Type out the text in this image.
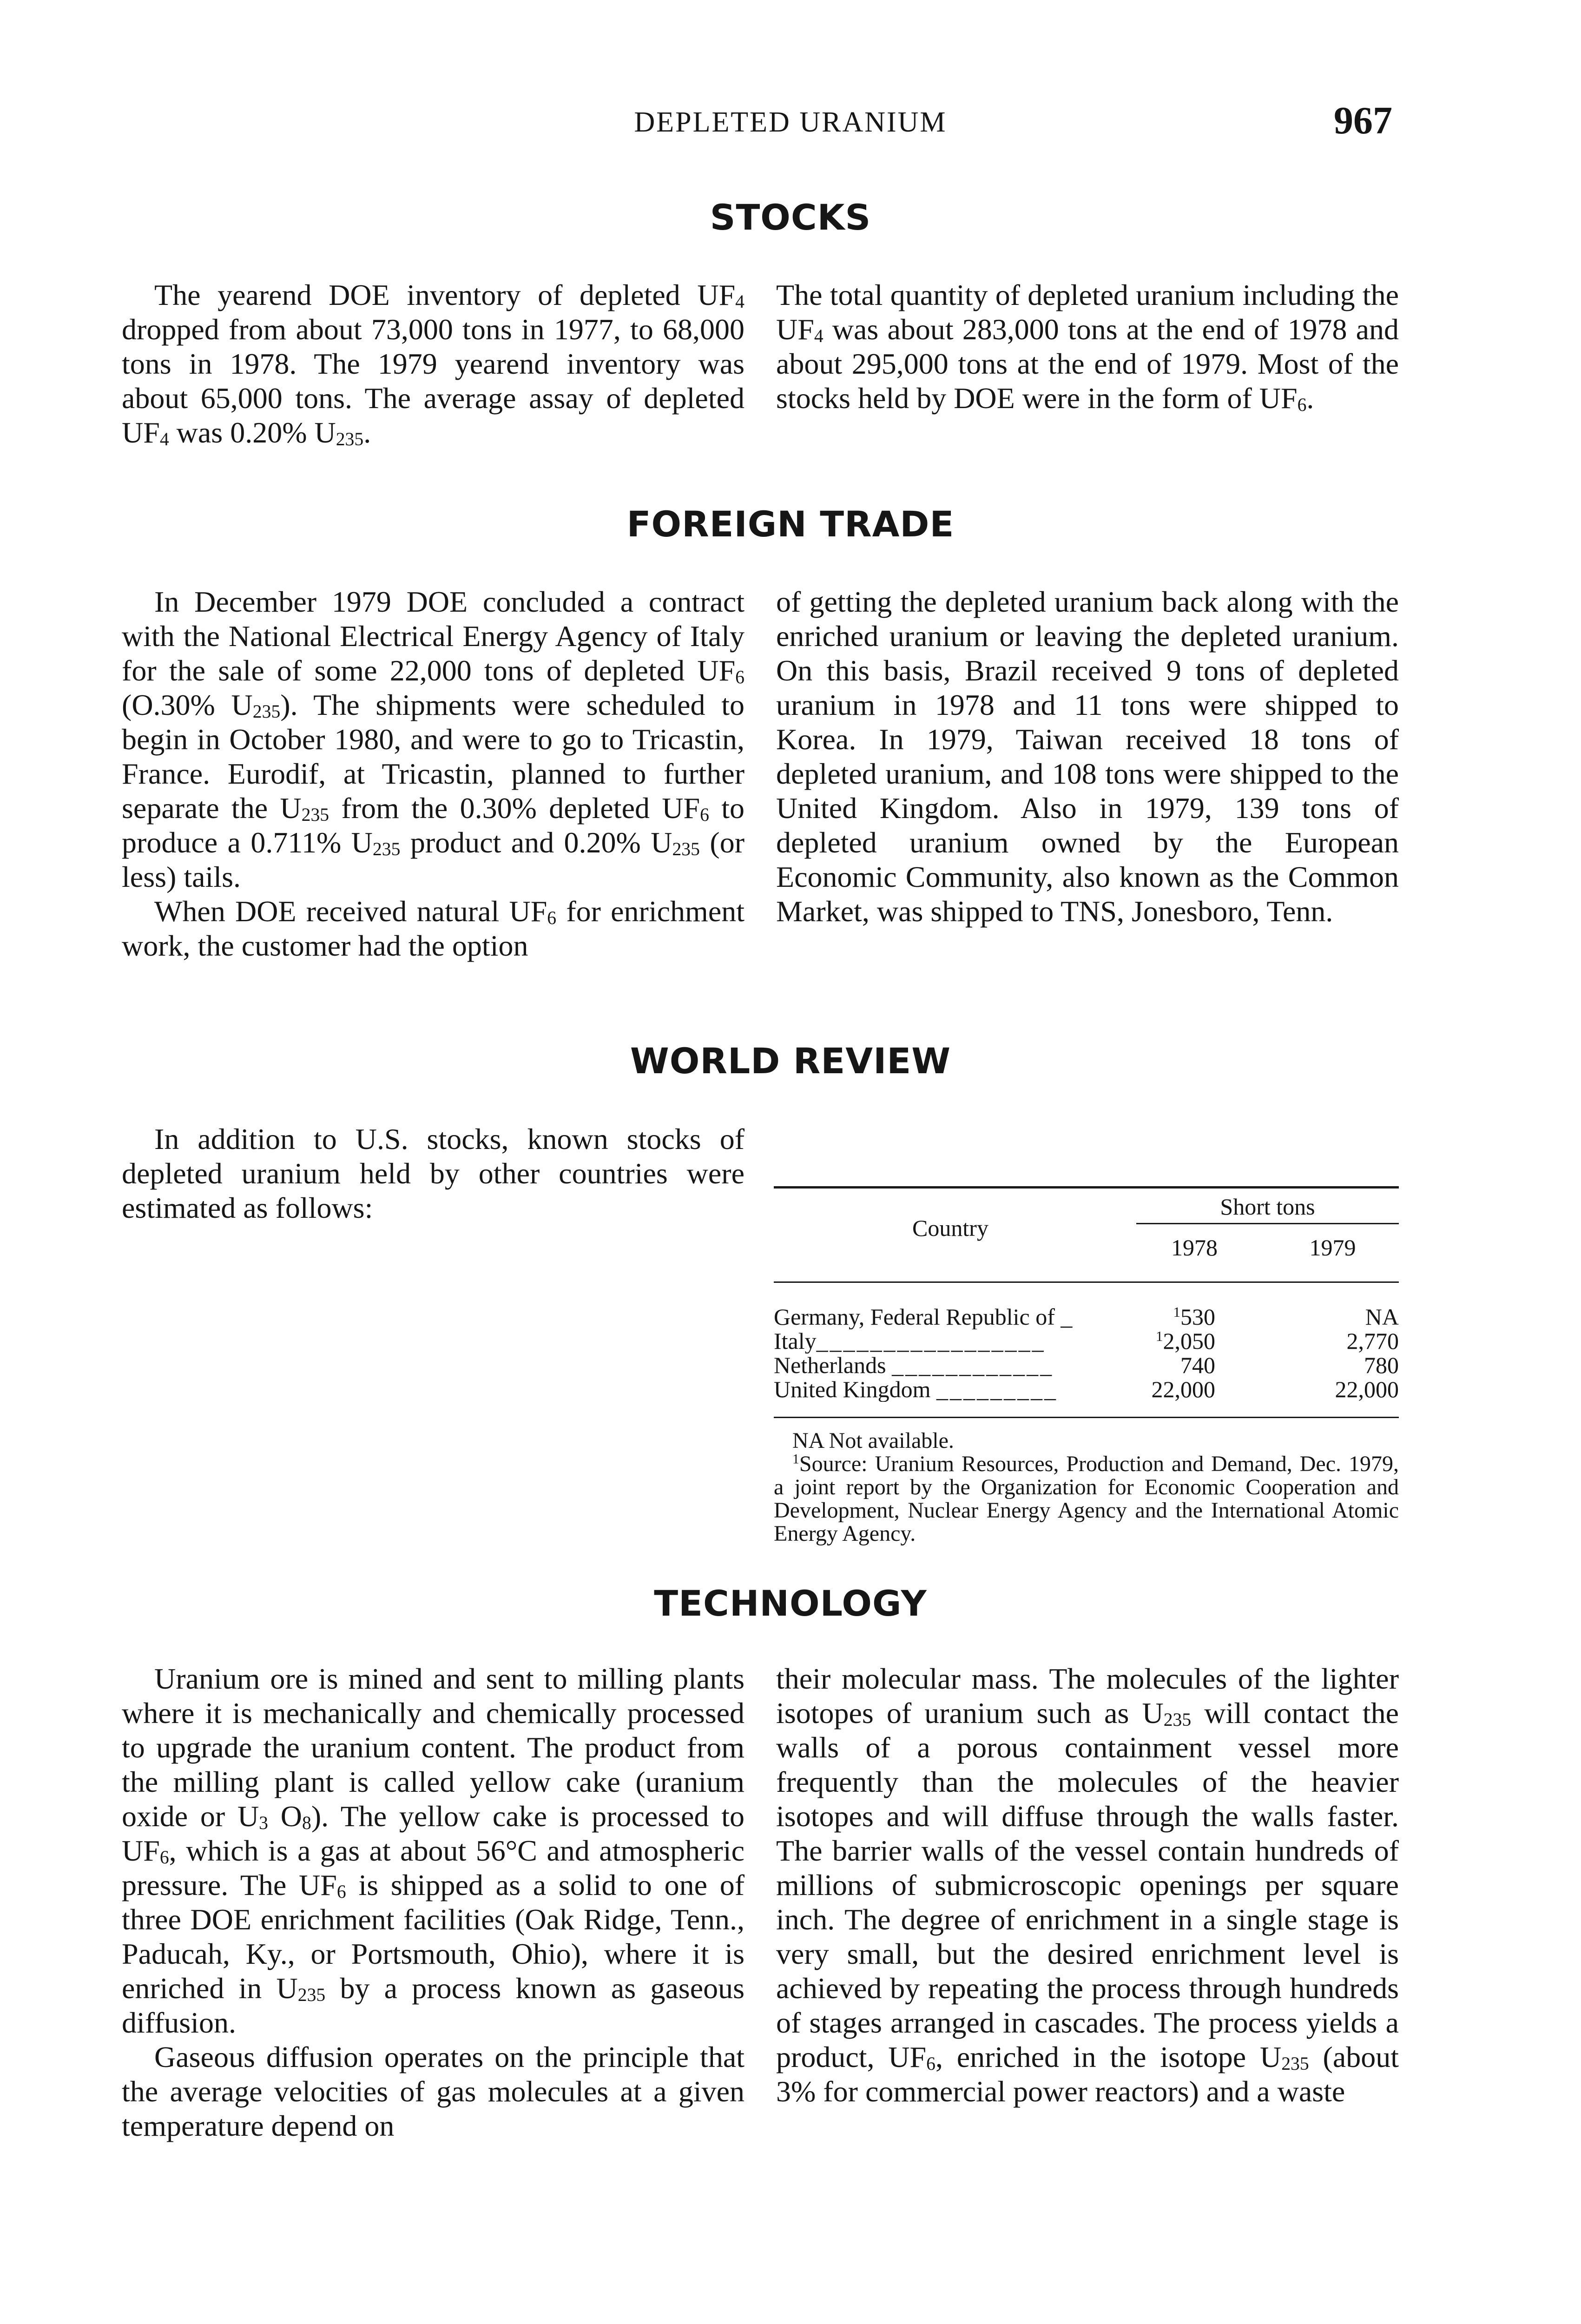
DEPLETED URANIUM	967
STOCKS

The yearend DOE inventory of depleted UF4 dropped from about 73,000 tons in 1977, to 68,000 tons in 1978. The 1979 yearend inventory was about 65,000 tons. The average assay of depleted UF4 was 0.20% U235.

The total quantity of depleted uranium including the UF4 was about 283,000 tons at the end of 1978 and about 295,000 tons at the end of 1979. Most of the stocks held by DOE were in the form of UF6.

FOREIGN TRADE

In December 1979 DOE concluded a contract with the National Electrical Energy Agency of Italy for the sale of some 22,000 tons of depleted UF6 (O.30% U235). The shipments were scheduled to begin in October 1980, and were to go to Tricastin, France. Eurodif, at Tricastin, planned to further separate the U235 from the 0.30% depleted UF6 to produce a 0.711% U235 product and 0.20% U235 (or less) tails.

When DOE received natural UF6 for enrichment work, the customer had the option

of getting the depleted uranium back along with the enriched uranium or leaving the depleted uranium. On this basis, Brazil received 9 tons of depleted uranium in 1978 and 11 tons were shipped to Korea. In 1979, Taiwan received 18 tons of depleted uranium, and 108 tons were shipped to the United Kingdom. Also in 1979, 139 tons of depleted uranium owned by the European Economic Community, also known as the Common Market, was shipped to TNS, Jonesboro, Tenn.

WORLD REVIEW

In addition to U.S. stocks, known stocks of depleted uranium held by other countries were estimated as follows:

Country
Short tons
1978	1979
Germany, Federal Republic of _	$^1$530	NA
Italy_________________	$^1$2,050	2,770
Netherlands ____________	740	780
United Kingdom _________	22,000	22,000

NA Not available.

$^1$Source: Uranium Resources, Production and Demand, Dec. 1979, a joint report by the Organization for Economic Cooperation and Development, Nuclear Energy Agency and the International Atomic Energy Agency.

TECHNOLOGY

Uranium ore is mined and sent to milling plants where it is mechanically and chemically processed to upgrade the uranium content. The product from the milling plant is called yellow cake (uranium oxide or U3 O8). The yellow cake is processed to UF6, which is a gas at about 56°C and atmospheric pressure. The UF6 is shipped as a solid to one of three DOE enrichment facilities (Oak Ridge, Tenn., Paducah, Ky., or Portsmouth, Ohio), where it is enriched in U235 by a process known as gaseous diffusion.

Gaseous diffusion operates on the principle that the average velocities of gas molecules at a given temperature depend on

their molecular mass. The molecules of the lighter isotopes of uranium such as U235 will contact the walls of a porous containment vessel more frequently than the molecules of the heavier isotopes and will diffuse through the walls faster. The barrier walls of the vessel contain hundreds of millions of submicroscopic openings per square inch. The degree of enrichment in a single stage is very small, but the desired enrichment level is achieved by repeating the process through hundreds of stages arranged in cascades. The process yields a product, UF6, enriched in the isotope U235 (about 3% for commercial power reactors) and a waste
